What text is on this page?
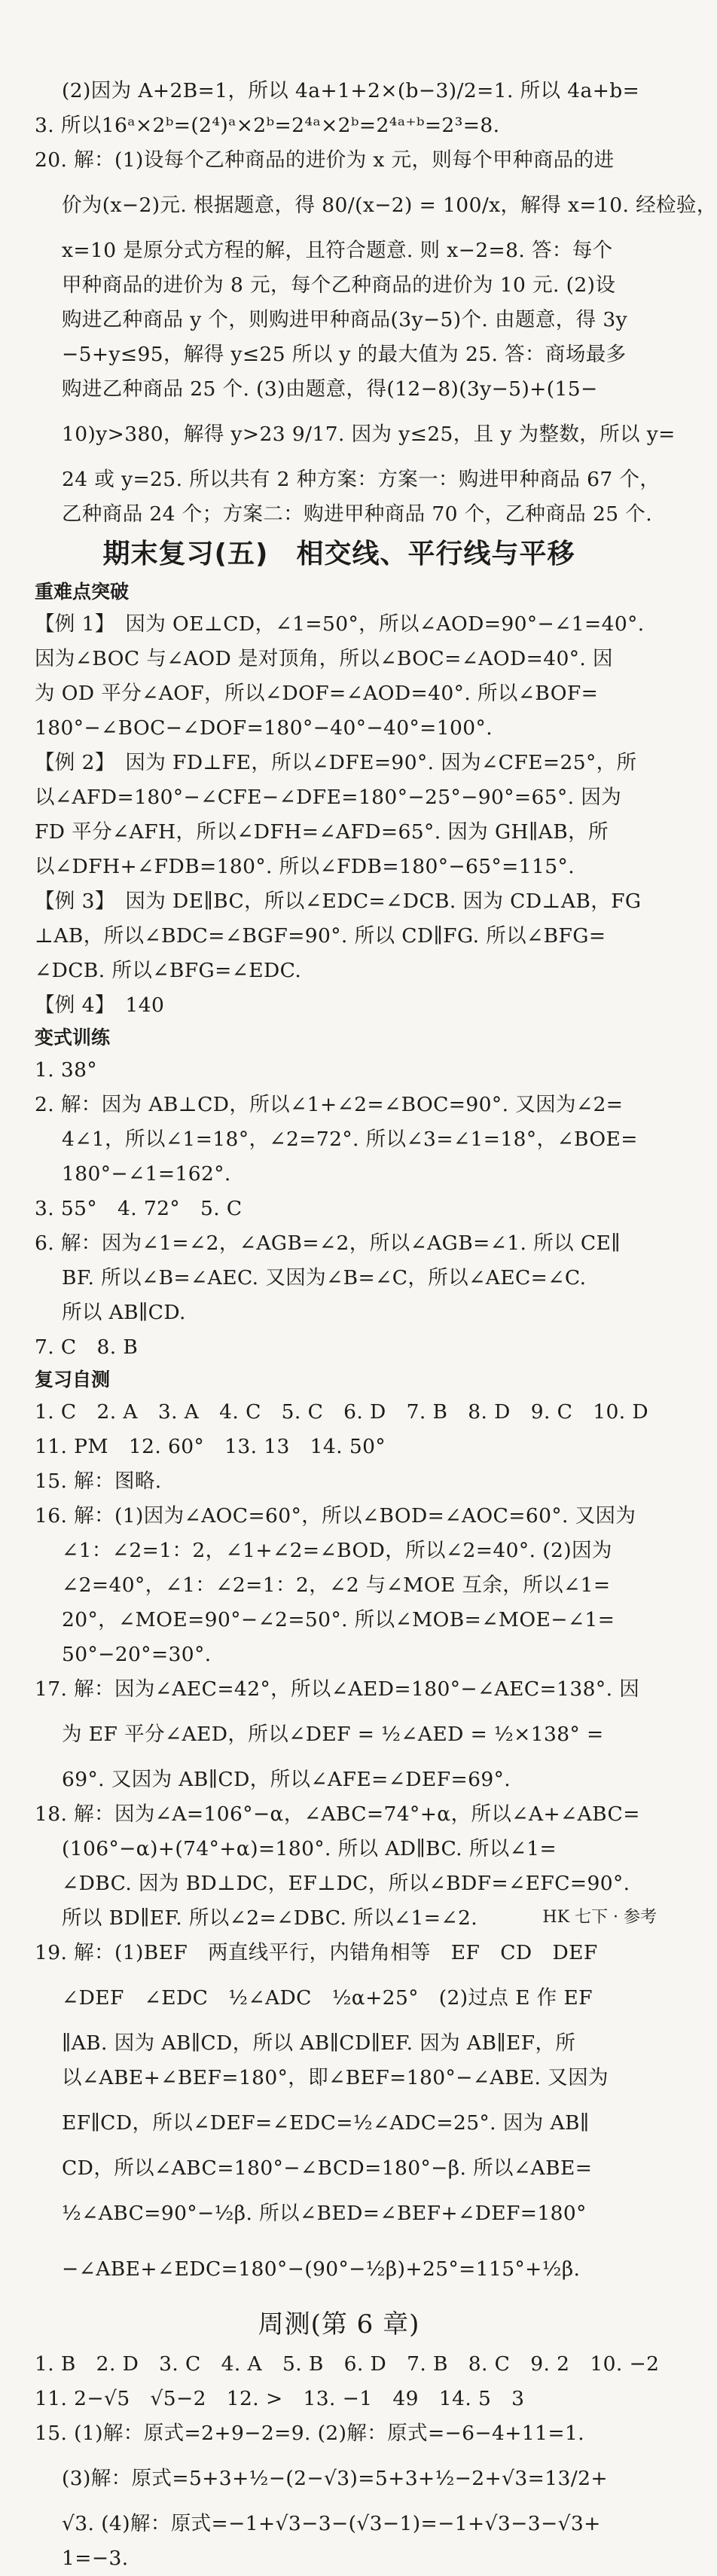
(2)因为 A+2B=1，所以 4a+1+2×(b−3)/2=1. 所以 4a+b=
3. 所以16ᵃ×2ᵇ=(2⁴)ᵃ×2ᵇ=2⁴ᵃ×2ᵇ=2⁴ᵃ⁺ᵇ=2³=8.
20. 解：(1)设每个乙种商品的进价为 x 元，则每个甲种商品的进
价为(x−2)元. 根据题意，得 80/(x−2) = 100/x，解得 x=10. 经检验，
x=10 是原分式方程的解，且符合题意. 则 x−2=8. 答：每个
甲种商品的进价为 8 元，每个乙种商品的进价为 10 元. (2)设
购进乙种商品 y 个，则购进甲种商品(3y−5)个. 由题意，得 3y
−5+y≤95，解得 y≤25 所以 y 的最大值为 25. 答：商场最多
购进乙种商品 25 个. (3)由题意，得(12−8)(3y−5)+(15−
10)y>380，解得 y>23 9/17. 因为 y≤25，且 y 为整数，所以 y=
24 或 y=25. 所以共有 2 种方案：方案一：购进甲种商品 67 个，
乙种商品 24 个；方案二：购进甲种商品 70 个，乙种商品 25 个.
期末复习(五)　相交线、平行线与平移
重难点突破
【例 1】　因为 OE⊥CD，∠1=50°，所以∠AOD=90°−∠1=40°.
因为∠BOC 与∠AOD 是对顶角，所以∠BOC=∠AOD=40°. 因
为 OD 平分∠AOF，所以∠DOF=∠AOD=40°. 所以∠BOF=
180°−∠BOC−∠DOF=180°−40°−40°=100°.
【例 2】　因为 FD⊥FE，所以∠DFE=90°. 因为∠CFE=25°，所
以∠AFD=180°−∠CFE−∠DFE=180°−25°−90°=65°. 因为
FD 平分∠AFH，所以∠DFH=∠AFD=65°. 因为 GH∥AB，所
以∠DFH+∠FDB=180°. 所以∠FDB=180°−65°=115°.
【例 3】　因为 DE∥BC，所以∠EDC=∠DCB. 因为 CD⊥AB，FG
⊥AB，所以∠BDC=∠BGF=90°. 所以 CD∥FG. 所以∠BFG=
∠DCB. 所以∠BFG=∠EDC.
【例 4】　140
变式训练
1. 38°
2. 解：因为 AB⊥CD，所以∠1+∠2=∠BOC=90°. 又因为∠2=
4∠1，所以∠1=18°，∠2=72°. 所以∠3=∠1=18°，∠BOE=
180°−∠1=162°.
3. 55°　4. 72°　5. C
6. 解：因为∠1=∠2，∠AGB=∠2，所以∠AGB=∠1. 所以 CE∥
BF. 所以∠B=∠AEC. 又因为∠B=∠C，所以∠AEC=∠C.
所以 AB∥CD.
7. C　8. B
复习自测
1. C　2. A　3. A　4. C　5. C　6. D　7. B　8. D　9. C　10. D
11. PM　12. 60°　13. 13　14. 50°
15. 解：图略.
16. 解：(1)因为∠AOC=60°，所以∠BOD=∠AOC=60°. 又因为
∠1：∠2=1：2，∠1+∠2=∠BOD，所以∠2=40°. (2)因为
∠2=40°，∠1：∠2=1：2，∠2 与∠MOE 互余，所以∠1=
20°，∠MOE=90°−∠2=50°. 所以∠MOB=∠MOE−∠1=
50°−20°=30°.
17. 解：因为∠AEC=42°，所以∠AED=180°−∠AEC=138°. 因
为 EF 平分∠AED，所以∠DEF = ½∠AED = ½×138° =
69°. 又因为 AB∥CD，所以∠AFE=∠DEF=69°.
18. 解：因为∠A=106°−α，∠ABC=74°+α，所以∠A+∠ABC=
(106°−α)+(74°+α)=180°. 所以 AD∥BC. 所以∠1=
∠DBC. 因为 BD⊥DC，EF⊥DC，所以∠BDF=∠EFC=90°.
所以 BD∥EF. 所以∠2=∠DBC. 所以∠1=∠2.
19. 解：(1)BEF　两直线平行，内错角相等　EF　CD　DEF
∠DEF　∠EDC　½∠ADC　½α+25°　(2)过点 E 作 EF
∥AB. 因为 AB∥CD，所以 AB∥CD∥EF. 因为 AB∥EF，所
以∠ABE+∠BEF=180°，即∠BEF=180°−∠ABE. 又因为
EF∥CD，所以∠DEF=∠EDC=½∠ADC=25°. 因为 AB∥
CD，所以∠ABC=180°−∠BCD=180°−β. 所以∠ABE=
½∠ABC=90°−½β. 所以∠BED=∠BEF+∠DEF=180°
−∠ABE+∠EDC=180°−(90°−½β)+25°=115°+½β.
周测(第 6 章)
1. B　2. D　3. C　4. A　5. B　6. D　7. B　8. C　9. 2　10. −2
11. 2−√5　√5−2　12. >　13. −1　49　14. 5　3
15. (1)解：原式=2+9−2=9. (2)解：原式=−6−4+11=1.
(3)解：原式=5+3+½−(2−√3)=5+3+½−2+√3=13/2+
√3. (4)解：原式=−1+√3−3−(√3−1)=−1+√3−3−√3+
1=−3.
HK 七下 · 参考
